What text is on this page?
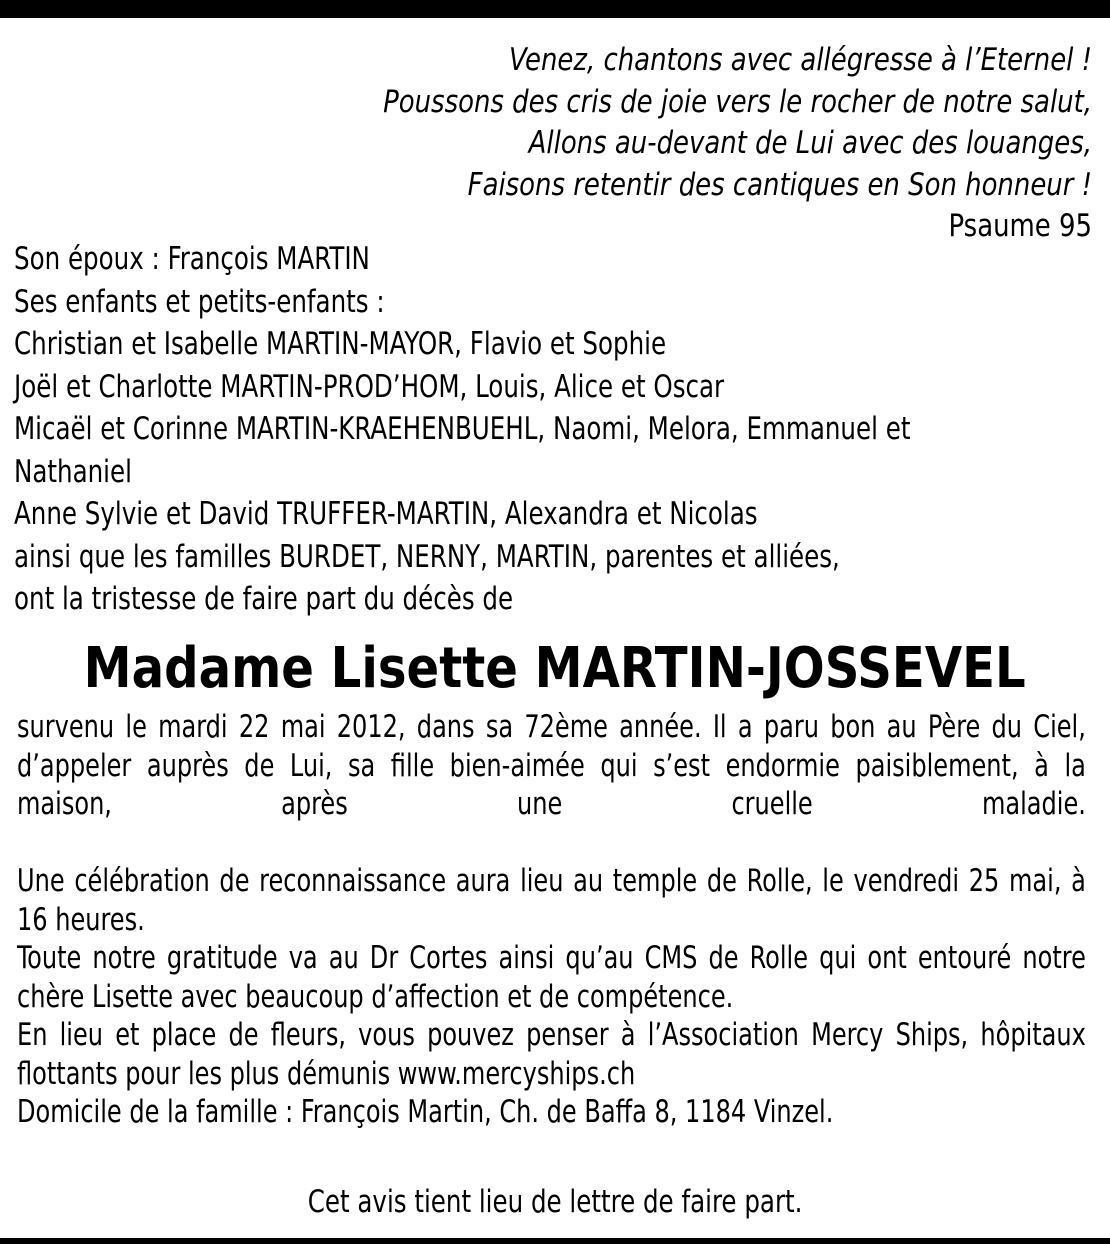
Venez, chantons avec allégresse à l’Eternel !
Poussons des cris de joie vers le rocher de notre salut,
Allons au-devant de Lui avec des louanges,
Faisons retentir des cantiques en Son honneur !
Psaume 95
Son époux : François MARTIN
Ses enfants et petits-enfants :
Christian et Isabelle MARTIN-MAYOR, Flavio et Sophie
Joël et Charlotte MARTIN-PROD’HOM, Louis, Alice et Oscar
Micaël et Corinne MARTIN-KRAEHENBUEHL, Naomi, Melora, Emmanuel et
Nathaniel
Anne Sylvie et David TRUFFER-MARTIN, Alexandra et Nicolas
ainsi que les familles BURDET, NERNY, MARTIN, parentes et alliées,
ont la tristesse de faire part du décès de
Madame Lisette MARTIN-JOSSEVEL

survenu le mardi 22 mai 2012, dans sa 72ème année. Il a paru bon au Père du Ciel, d’appeler auprès de Lui, sa fille bien-aimée qui s’est endormie paisiblement, à la maison, après une cruelle maladie.

Une célébration de reconnaissance aura lieu au temple de Rolle, le vendredi 25 mai, à 16 heures.

Toute notre gratitude va au Dr Cortes ainsi qu’au CMS de Rolle qui ont entouré notre chère Lisette avec beaucoup d’affection et de compétence.

En lieu et place de fleurs, vous pouvez penser à l’Association Mercy Ships, hôpitaux flottants pour les plus démunis www.mercyships.ch

Domicile de la famille : François Martin, Ch. de Baffa 8, 1184 Vinzel.

Cet avis tient lieu de lettre de faire part.
